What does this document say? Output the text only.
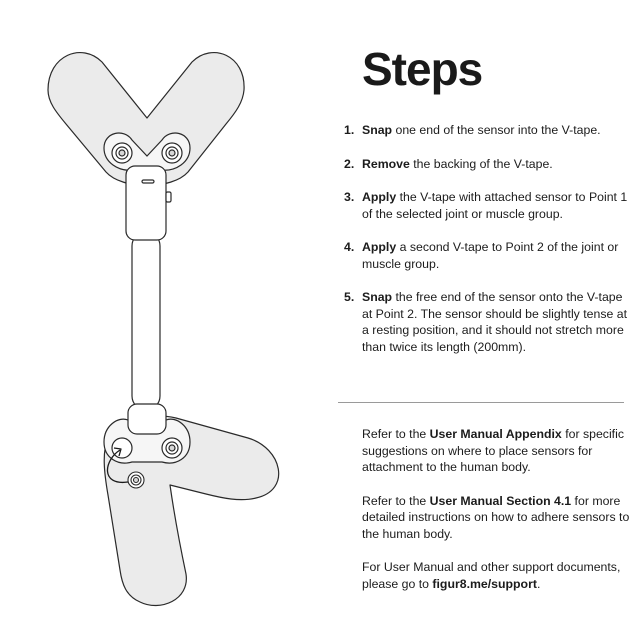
Steps
1. Snap one end of the sensor into the V-tape.
2. Remove the backing of the V-tape.
3. Apply the V-tape with attached sensor to Point 1 of the selected joint or muscle group.
4. Apply a second V-tape to Point 2 of the joint or muscle group.
5. Snap the free end of the sensor onto the V-tape at Point 2. The sensor should be slightly tense at a resting position, and it should not stretch more than twice its length (200mm).

Refer to the User Manual Appendix for specific suggestions on where to place sensors for attachment to the human body.

Refer to the User Manual Section 4.1 for more detailed instructions on how to adhere sensors to the human body.

For User Manual and other support documents, please go to figur8.me/support.
